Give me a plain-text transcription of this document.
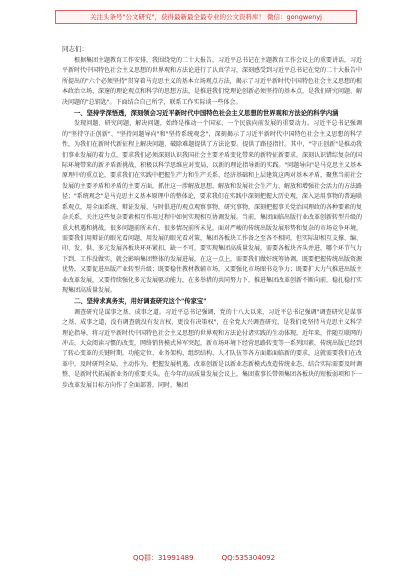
关注头条号"公文研究"，获得最新最全最专业的公文资料库！ 微信：gongwenyj
同志们：
根据集团主题教育工作安排，我围绕党的二十大报告，习近平总书记在主题教育工作会议上的重要讲话，习近平新时代中国特色社会主义思想的世界观和方法论进行了认真学习，深刻感受到习近平总书记在党的二十大报告中所提出的"六个必须坚持"贯穿着马克思主义的基本立场观点方法，揭示了习近平新时代中国特色社会主义思想的根本政治立场、深邃的理论观点和科学的思想方法，是推进我们党理论创新必须坚持的基本点，是我们研究问题、解决问题的"总钥匙"。下面结合自己所学，联系工作实际谈一些体会。
一、坚持学深悟透，深刻领会习近平新时代中国特色社会主义思想的世界观和方法论的科学内涵
发现问题、研究问题、解决问题，始终是推动一个国家、一个民族向前发展的重要动力。习近平总书记强调的"坚持守正创新"、"坚持问题导向"和"坚持系统观念"，深刻揭示了习近平新时代中国特色社会主义思想的科学性，为我们在新时代新征程上解决问题、破除难题提供了方法论要。提供了路径指针。其中，"守正创新"是推动我们事业发展的着力点，要求我们必须深刻认识我国社会主要矛盾变化带来的新特征新要求，深刻认识错综复杂的国际环境带来的新矛盾新挑战，积极以科学思维应对变局，以新的理论指导新的实践。"问题导向"是马克思主义基本原理中的重点论，要求我们在实践中把握生产力和生产关系、经济基础和上层建筑这两对基本矛盾，聚焦当前社会发展的主要矛盾和矛盾的主要方面，抓住这一涉解放思想、解放和发展社会生产力、解放和增强社会活力的方法路径；"系统观念"是马克思主义基本原理中的整体论，要求我们在实践中深刻把握大历史观，深入运用事物的普遍联系观点，用全面系统、辩证发展、与时俱进的观点观察事物，研究事物，深刻把握事关党治国理政的各种要素的复杂关系，关注这些复杂要素相互作用过程中如何实现相互协调发展。当前，集团面临出版行业改革创新转型升级的重大机遇和挑战，很多问题前所未有，很多情况前所未见，面对严峻的传统出版发展形势和复杂的市场竞争环境，需要我们用辩证的眼光看问题，用发展的眼光看对策，集团各板块工作备之至各不相同，但实际却相互支撑、编、印、发、供、多元发展各板块环环紧扣，缺一不可，要实现集团高质量发展，需要各板块齐头并进，哪个环节气力下到，工作没做实，就会影响集团整体的发展进展，在这一点上，需要我们做好统筹协调，既要把握传统出版资源优势，又要促进出版产业转型升级；既要稳住教材教辅市场，又要强化市场图书竞争力；既要扩大力气推进出版主业改革发展，又要持续强化多元发展驱动能力，在多举措的共同努力下，推进集团改革创新不断向前，稳扎稳打实现集团高质量发展。
二、坚持求真务实，用好调查研究这个"传家宝"
调查研究是谋事之基、成事之道。习近平总书记强调，党的十八大以来，习近平总书记强调"调查研究是谋事之基、成事之道，没有调查就没有发言权，更没有决策权"，在全党大兴调查研究，是我们党坚持马克思主义科学理论指导，将习近平新时代中国特色社会主义思想的世界观和方法论付诸实践的生动体现。近年来，伴随互联网的冲击，大众阅读习惯的改变，网络销售模式异军突起，新市场环境下经营思路转变等一系列因素，传统出版已经到了转心变革的关键时期，功能定位、业务架构、组织结构、人才队伍等各方面都面临新的要求，这就需要我们在改革中，及时研判全局，主动作为，把握发展机遇。改革创新是以新业态新模式改造传统业态、结合实际需要及时调整、是新时代拓展新业务的重要关头。在今年的高质量发展会议上，集团董事长带领集团各板块的短板弱项和下一步改革发展目标方向作了全面部署，同时，集团
QQ群：31991489	QQ:535304092
